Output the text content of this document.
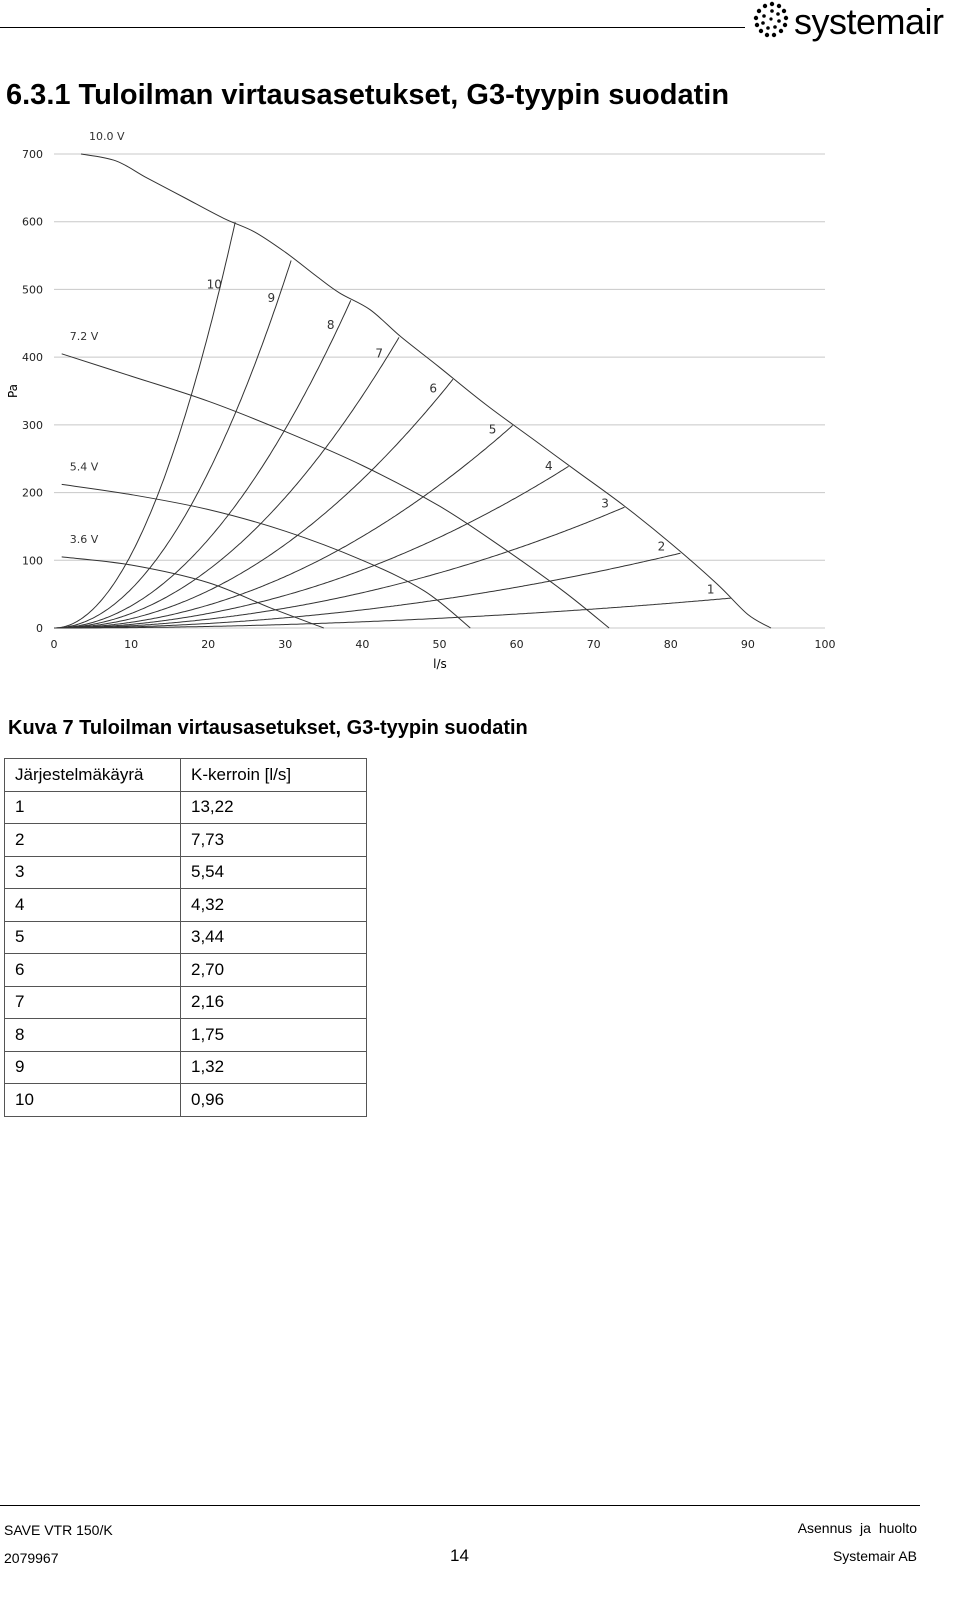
systemair
6.3.1 Tuloilman virtausasetukset, G3-tyypin suodatin
0
100
200
300
400
500
600
700
0	10	20	30	40	50	60	70	80	90	100
10.0 V
7.2 V
5.4 V
3.6 V
1
2
3
4
5
6
7
8
9
10
l/s
Pa

Kuva 7 Tuloilman virtausasetukset, G3-tyypin suodatin

Järjestelmäkäyrä	K-kerroin [l/s]
1	13,22
2	7,73
3	5,54
4	4,32
5	3,44
6	2,70
7	2,16
8	1,75
9	1,32
10	0,96
SAVE VTR 150/K
2079967	14
Asennus ja huolto
Systemair AB
